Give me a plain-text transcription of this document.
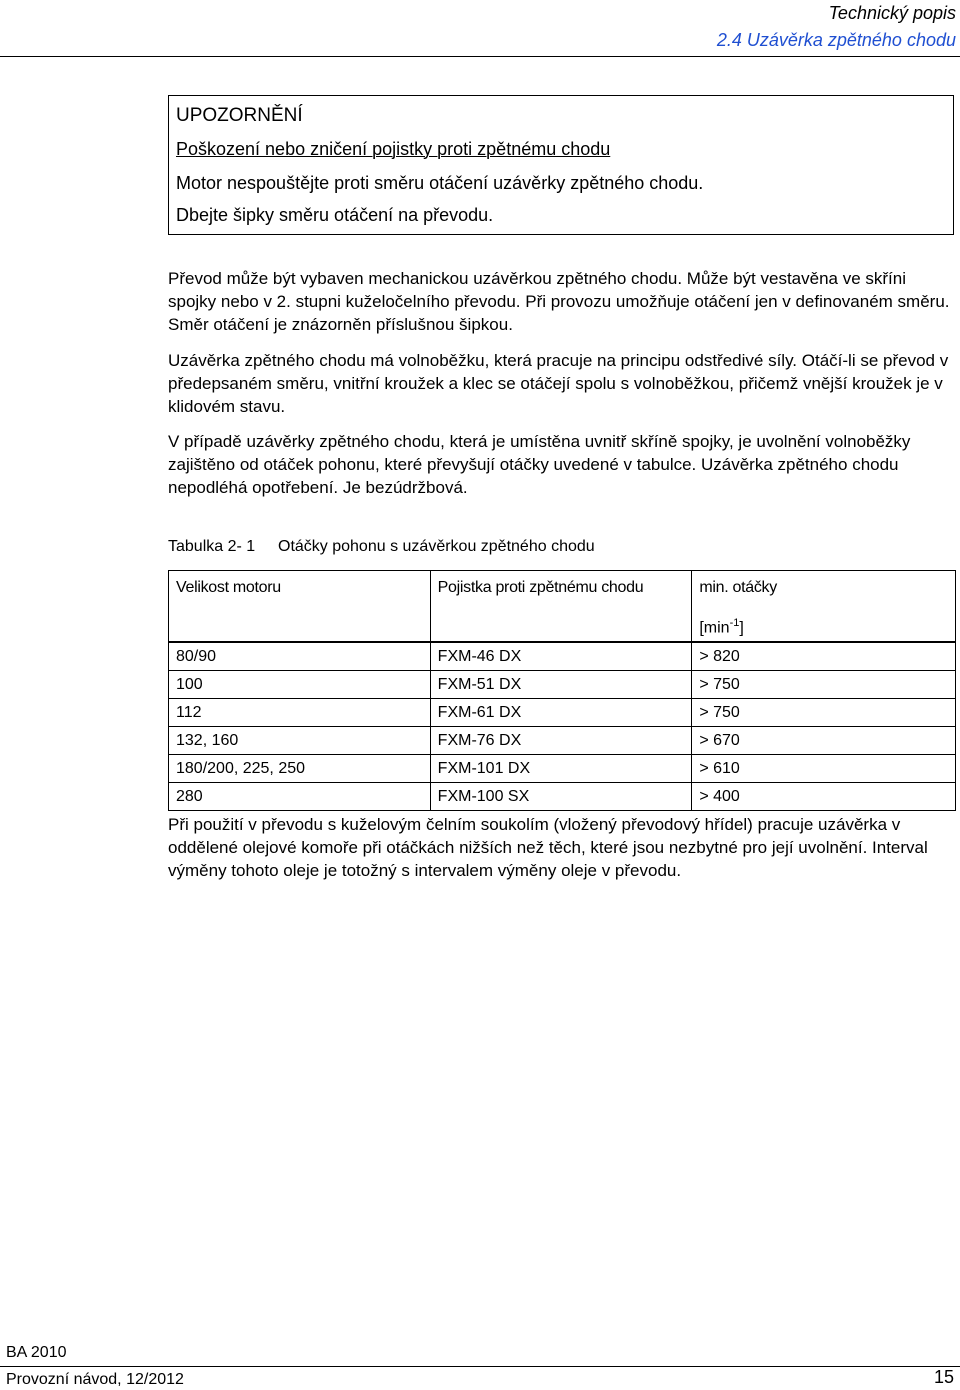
Technický popis
2.4 Uzávěrka zpětného chodu
UPOZORNĚNÍ
Poškození nebo zničení pojistky proti zpětnému chodu
Motor nespouštějte proti směru otáčení uzávěrky zpětného chodu.
Dbejte šipky směru otáčení na převodu.
Převod může být vybaven mechanickou uzávěrkou zpětného chodu. Může být vestavěna ve skříni spojky nebo v 2. stupni kuželočelního převodu. Při provozu umožňuje otáčení jen v definovaném směru. Směr otáčení je znázorněn příslušnou šipkou.
Uzávěrka zpětného chodu má volnoběžku, která pracuje na principu odstředivé síly. Otáčí-li se převod v předepsaném směru, vnitřní kroužek a klec se otáčejí spolu s volnoběžkou, přičemž vnější kroužek je v klidovém stavu.
V případě uzávěrky zpětného chodu, která je umístěna uvnitř skříně spojky, je uvolnění volnoběžky zajištěno od otáček pohonu, které převyšují otáčky uvedené v tabulce. Uzávěrka zpětného chodu nepodléhá opotřebení. Je bezúdržbová.
Tabulka 2- 1 Otáčky pohonu s uzávěrkou zpětného chodu
Velikost motoru	Pojistka proti zpětnému chodu	min. otáčky
		$[\min^{-1}]$
80/90	FXM-46 DX	> 820
100	FXM-51 DX	> 750
112	FXM-61 DX	> 750
132, 160	FXM-76 DX	> 670
180/200, 225, 250	FXM-101 DX	> 610
280	FXM-100 SX	> 400
Při použití v převodu s kuželovým čelním soukolím (vložený převodový hřídel) pracuje uzávěrka v oddělené olejové komoře při otáčkách nižších než těch, které jsou nezbytné pro její uvolnění. Interval výměny tohoto oleje je totožný s intervalem výměny oleje v převodu.
BA 2010
Provozní návod, 12/2012	15
